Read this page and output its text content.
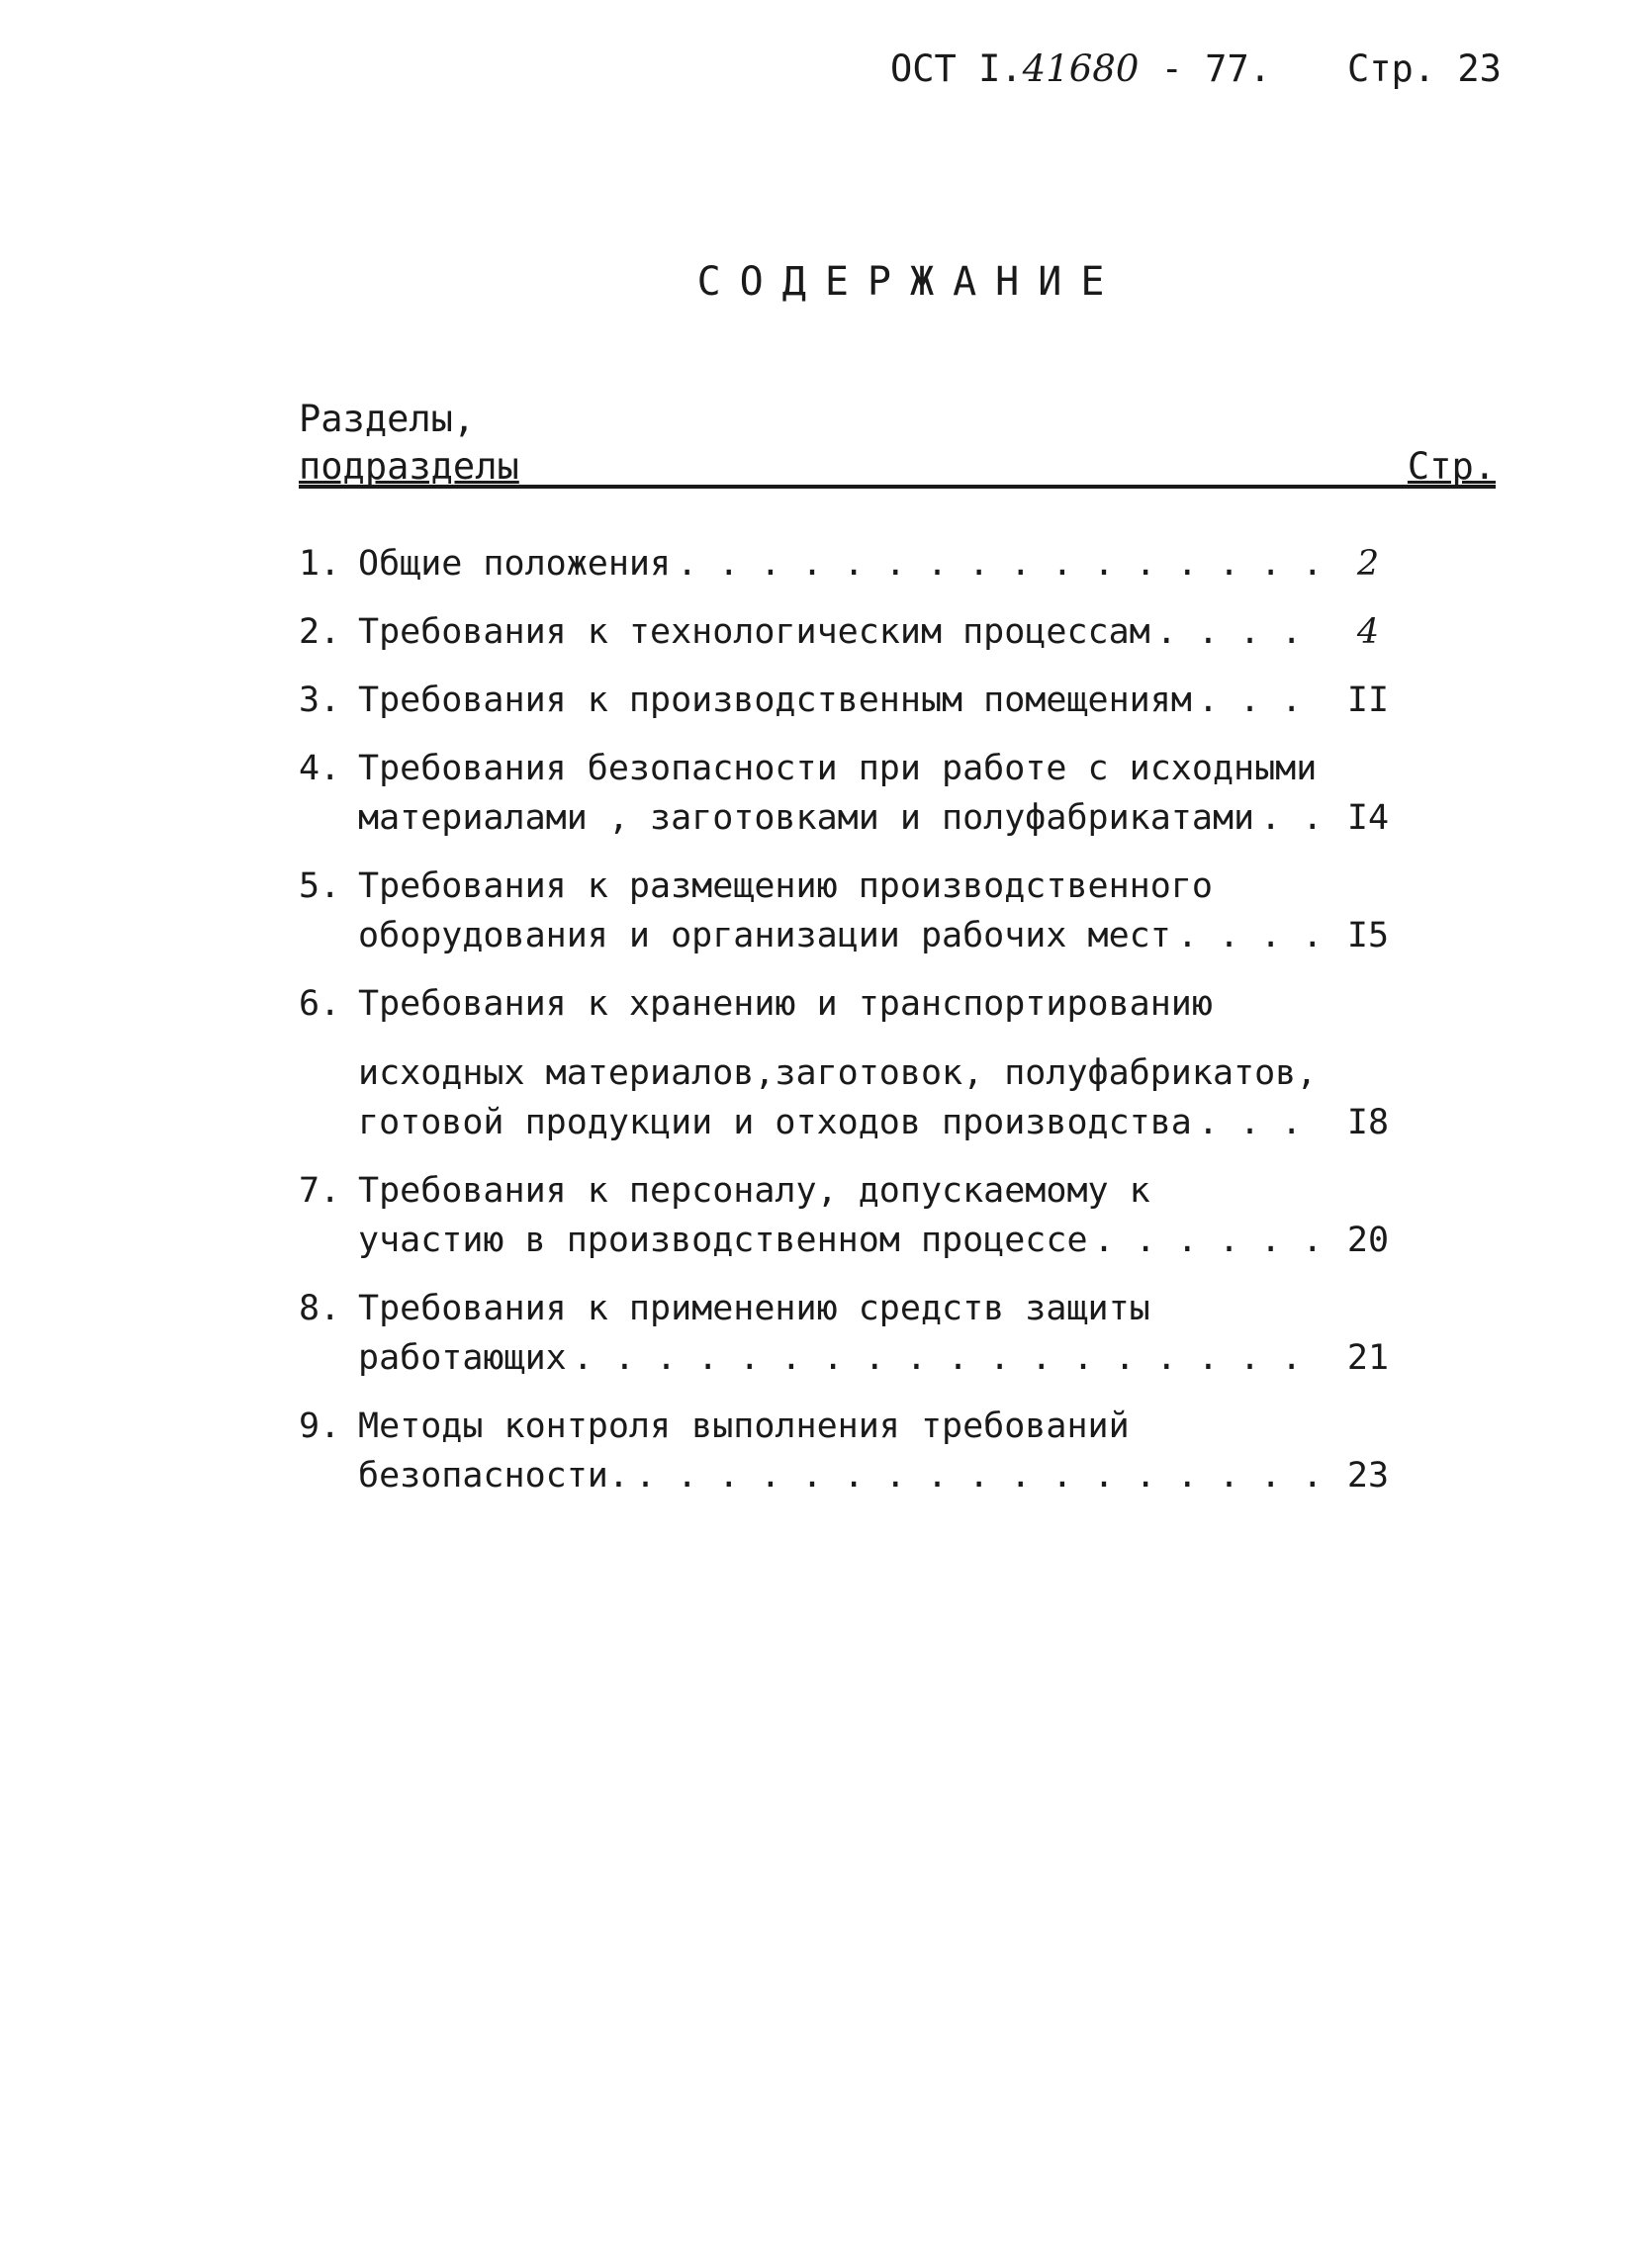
ОСТ I.41680 - 77. Стр. 23
СОДЕРЖАНИЕ
Разделы,
подразделы	Стр.
1. Общие положения . . .	2
2. Требования к технологическим процессам . . .	4
3. Требования к производственным помещениям . . .	II
4. Требования безопасности при работе с исходными
материалами , заготовками и полуфабрикатами . . .	I4
5. Требования к размещению производственного
оборудования и организации рабочих мест . . .	I5
6. Требования к хранению и транспортированию
исходных материалов,заготовок, полуфабрикатов,
готовой продукции и отходов производства . . .	I8
7. Требования к персоналу, допускаемому к
участию в производственном процессе . . .	20
8. Требования к применению средств защиты
работающих . . .	21
9. Методы контроля выполнения требований
безопасности. . . .	23
